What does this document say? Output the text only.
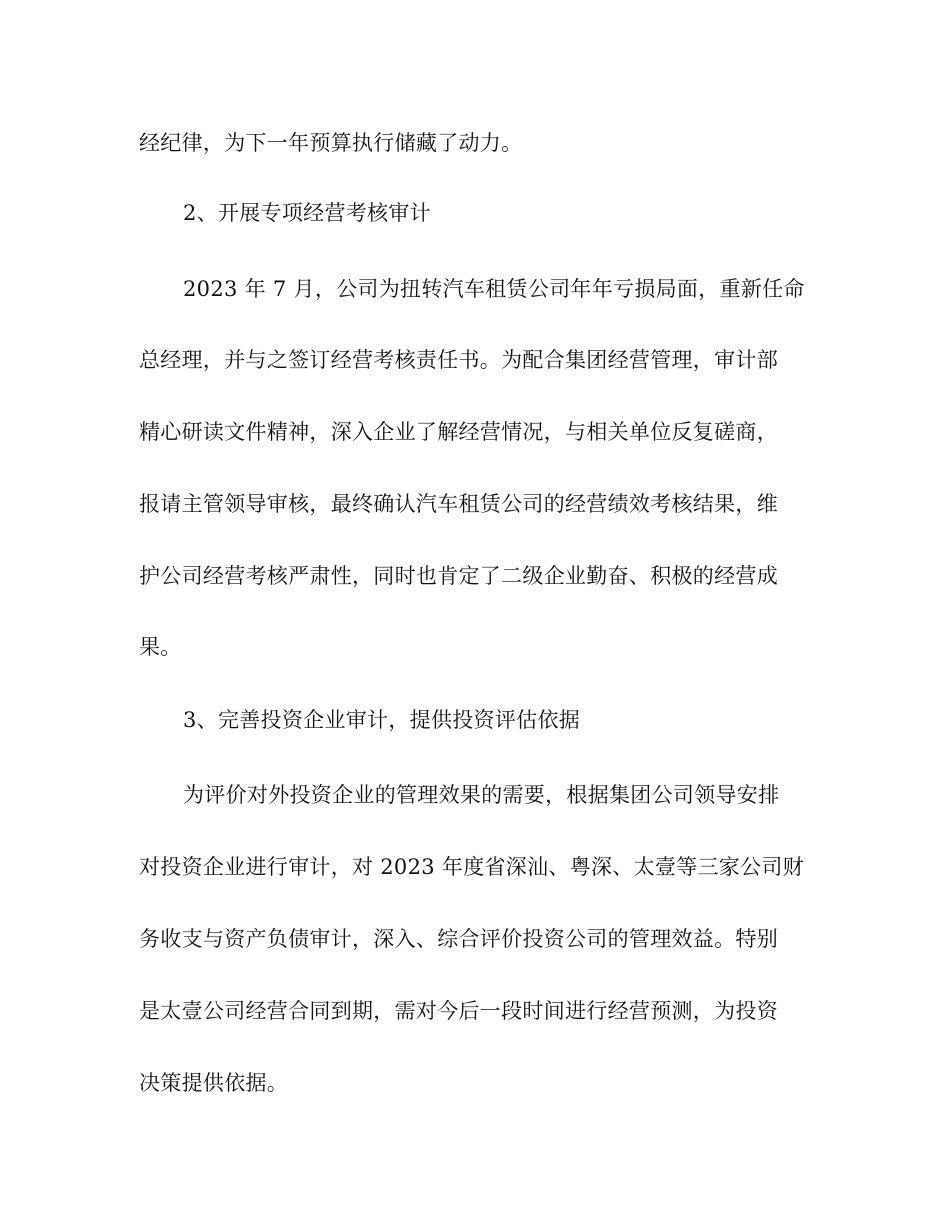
经纪律，为下一年预算执行储藏了动力。
2、开展专项经营考核审计
2023 年 7 月，公司为扭转汽车租赁公司年年亏损局面，重新任命
总经理，并与之签订经营考核责任书。为配合集团经营管理，审计部
精心研读文件精神，深入企业了解经营情况，与相关单位反复磋商，
报请主管领导审核，最终确认汽车租赁公司的经营绩效考核结果，维
护公司经营考核严肃性，同时也肯定了二级企业勤奋、积极的经营成
果。
3、完善投资企业审计，提供投资评估依据
为评价对外投资企业的管理效果的需要，根据集团公司领导安排
对投资企业进行审计，对 2023 年度省深汕、粤深、太壹等三家公司财
务收支与资产负债审计，深入、综合评价投资公司的管理效益。特别
是太壹公司经营合同到期，需对今后一段时间进行经营预测，为投资
决策提供依据。
